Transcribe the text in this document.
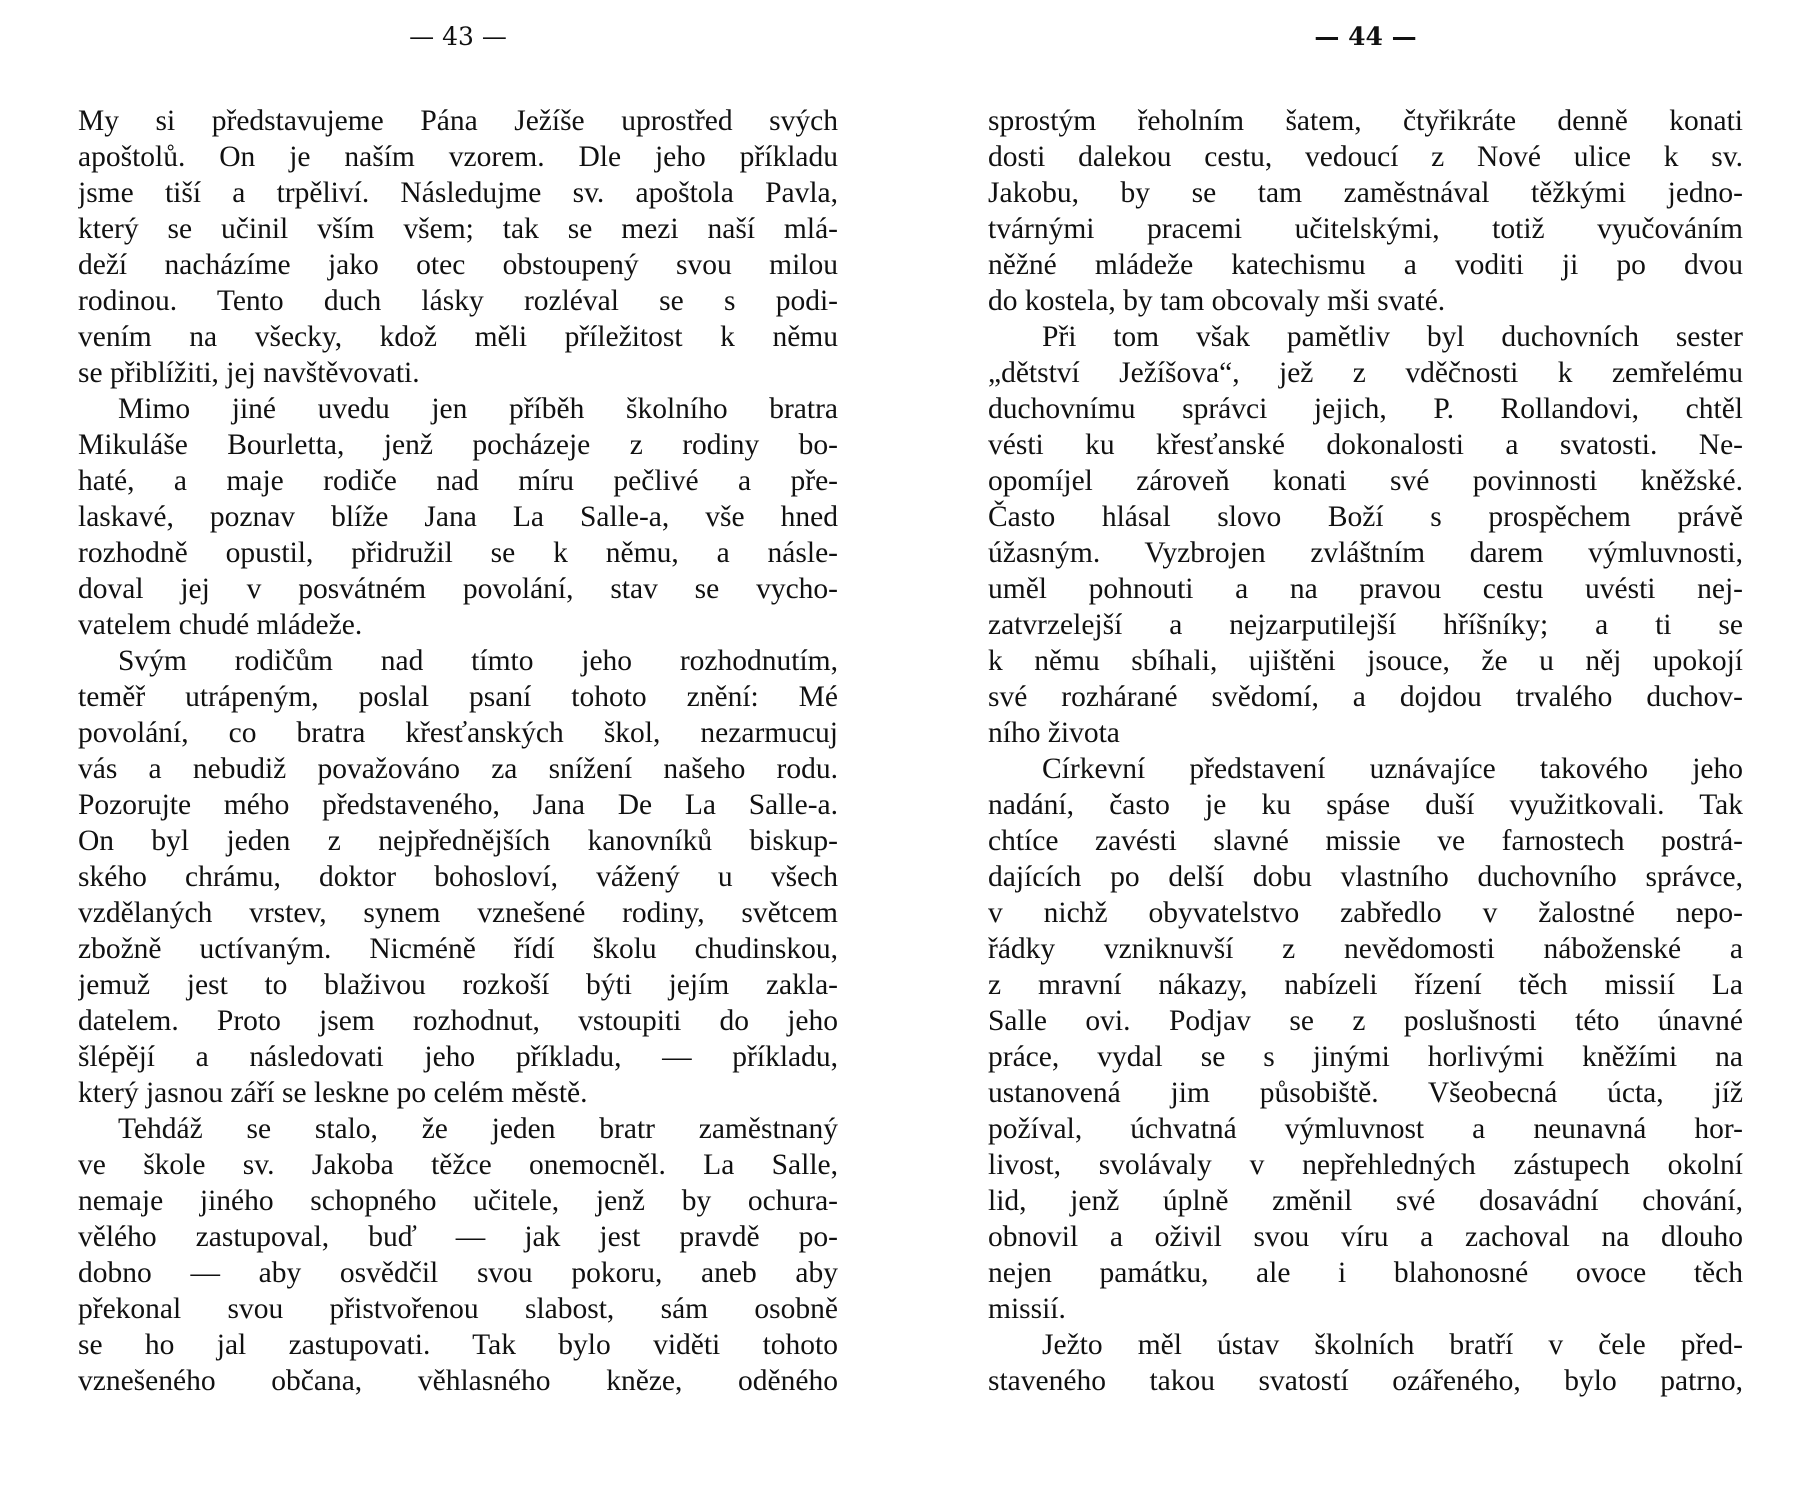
— 43 —
My si představujeme Pána Ježíše uprostřed svých
apoštolů. On je naším vzorem. Dle jeho příkladu
jsme tiší a trpěliví. Následujme sv. apoštola Pavla,
který se učinil vším všem; tak se mezi naší mlá-
deží nacházíme jako otec obstoupený svou milou
rodinou. Tento duch lásky rozléval se s podi-
vením na všecky, kdož měli příležitost k němu
se přiblížiti, jej navštěvovati.
Mimo jiné uvedu jen příběh školního bratra
Mikuláše Bourletta, jenž pocházeje z rodiny bo-
haté, a maje rodiče nad míru pečlivé a pře-
laskavé, poznav blíže Jana La Salle-a, vše hned
rozhodně opustil, přidružil se k němu, a násle-
doval jej v posvátném povolání, stav se vycho-
vatelem chudé mládeže.
Svým rodičům nad tímto jeho rozhodnutím,
teměř utrápeným, poslal psaní tohoto znění: Mé
povolání, co bratra křesťanských škol, nezarmucuj
vás a nebudiž považováno za snížení našeho rodu.
Pozorujte mého představeného, Jana De La Salle-a.
On byl jeden z nejpřednějších kanovníků biskup-
ského chrámu, doktor bohosloví, vážený u všech
vzdělaných vrstev, synem vznešené rodiny, světcem
zbožně uctívaným. Nicméně řídí školu chudinskou,
jemuž jest to blaživou rozkoší býti jejím zakla-
datelem. Proto jsem rozhodnut, vstoupiti do jeho
šlépějí a následovati jeho příkladu, — příkladu,
který jasnou září se leskne po celém městě.
Tehdáž se stalo, že jeden bratr zaměstnaný
ve škole sv. Jakoba těžce onemocněl. La Salle,
nemaje jiného schopného učitele, jenž by ochura-
vělého zastupoval, buď — jak jest pravdě po-
dobno — aby osvědčil svou pokoru, aneb aby
překonal svou přistvořenou slabost, sám osobně
se ho jal zastupovati. Tak bylo viděti tohoto
vznešeného občana, věhlasného kněze, oděného
— 44 —
sprostým řeholním šatem, čtyřikráte denně konati
dosti dalekou cestu, vedoucí z Nové ulice k sv.
Jakobu, by se tam zaměstnával těžkými jedno-
tvárnými pracemi učitelskými, totiž vyučováním
něžné mládeže katechismu a voditi ji po dvou
do kostela, by tam obcovaly mši svaté.
Při tom však pamětliv byl duchovních sester
„dětství Ježíšova“, jež z vděčnosti k zemřelému
duchovnímu správci jejich, P. Rollandovi, chtěl
vésti ku křesťanské dokonalosti a svatosti. Ne-
opomíjel zároveň konati své povinnosti kněžské.
Často hlásal slovo Boží s prospěchem právě
úžasným. Vyzbrojen zvláštním darem výmluvnosti,
uměl pohnouti a na pravou cestu uvésti nej-
zatvrzelejší a nejzarputilejší hříšníky; a ti se
k němu sbíhali, ujištěni jsouce, že u něj upokojí
své rozhárané svědomí, a dojdou trvalého duchov-
ního života
Církevní představení uznávajíce takového jeho
nadání, často je ku spáse duší využitkovali. Tak
chtíce zavésti slavné missie ve farnostech postrá-
dajících po delší dobu vlastního duchovního správce,
v nichž obyvatelstvo zabředlo v žalostné nepo-
řádky vzniknuvší z nevědomosti náboženské a
z mravní nákazy, nabízeli řízení těch missií La
Salle ovi. Podjav se z poslušnosti této únavné
práce, vydal se s jinými horlivými kněžími na
ustanovená jim působiště. Všeobecná úcta, jíž
požíval, úchvatná výmluvnost a neunavná hor-
livost, svolávaly v nepřehledných zástupech okolní
lid, jenž úplně změnil své dosavádní chování,
obnovil a oživil svou víru a zachoval na dlouho
nejen památku, ale i blahonosné ovoce těch
missií.
Ježto měl ústav školních bratří v čele před-
staveného takou svatostí ozářeného, bylo patrno,
